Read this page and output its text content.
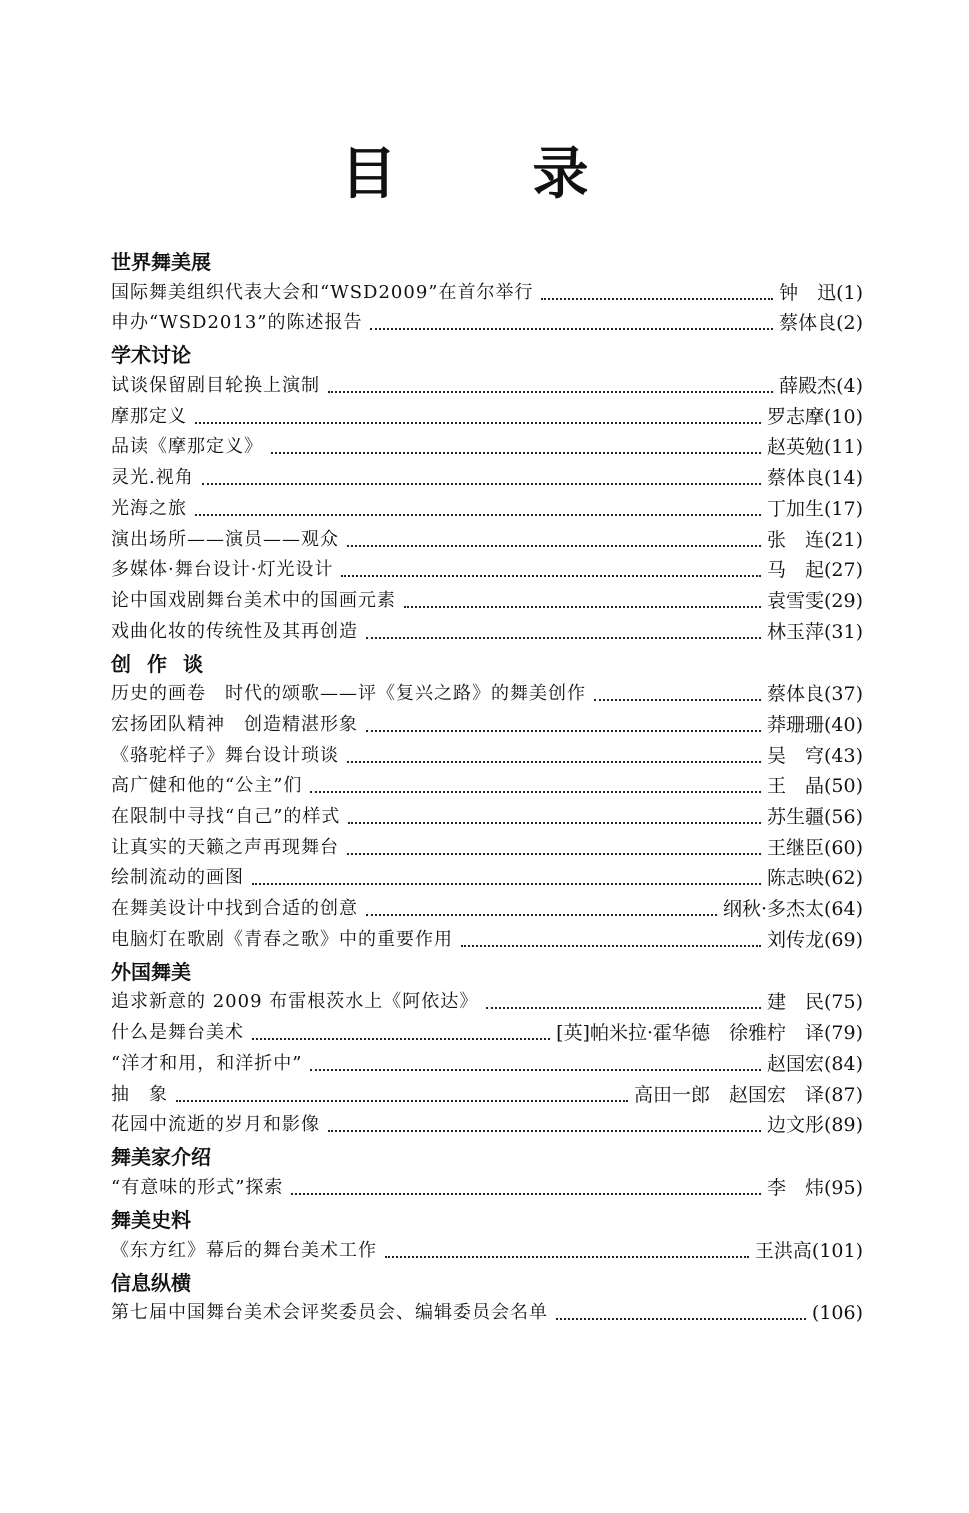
目　录
世界舞美展
国际舞美组织代表大会和“WSD2009”在首尔举行	钟　迅(1)
申办“WSD2013”的陈述报告	蔡体良(2)
学术讨论
试谈保留剧目轮换上演制	薛殿杰(4)
摩那定义	罗志摩(10)
品读《摩那定义》	赵英勉(11)
灵光.视角	蔡体良(14)
光海之旅	丁加生(17)
演出场所——演员——观众	张　连(21)
多媒体·舞台设计·灯光设计	马　起(27)
论中国戏剧舞台美术中的国画元素	袁雪雯(29)
戏曲化妆的传统性及其再创造	林玉萍(31)
创作谈
历史的画卷　时代的颂歌——评《复兴之路》的舞美创作	蔡体良(37)
宏扬团队精神　创造精湛形象	莽珊珊(40)
《骆驼样子》舞台设计琐谈	吴　穹(43)
高广健和他的“公主”们	王　晶(50)
在限制中寻找“自己”的样式	苏生疆(56)
让真实的天籁之声再现舞台	王继臣(60)
绘制流动的画图	陈志映(62)
在舞美设计中找到合适的创意	纲秋·多杰太(64)
电脑灯在歌剧《青春之歌》中的重要作用	刘传龙(69)
外国舞美
追求新意的 2009 布雷根茨水上《阿依达》	建　民(75)
什么是舞台美术	[英]帕米拉·霍华德　徐雅柠　译(79)
“洋才和用，和洋折中”	赵国宏(84)
抽　象	高田一郎　赵国宏　译(87)
花园中流逝的岁月和影像	边文彤(89)
舞美家介绍
“有意味的形式”探索	李　炜(95)
舞美史料
《东方红》幕后的舞台美术工作	王洪高(101)
信息纵横
第七届中国舞台美术会评奖委员会、编辑委员会名单	(106)
